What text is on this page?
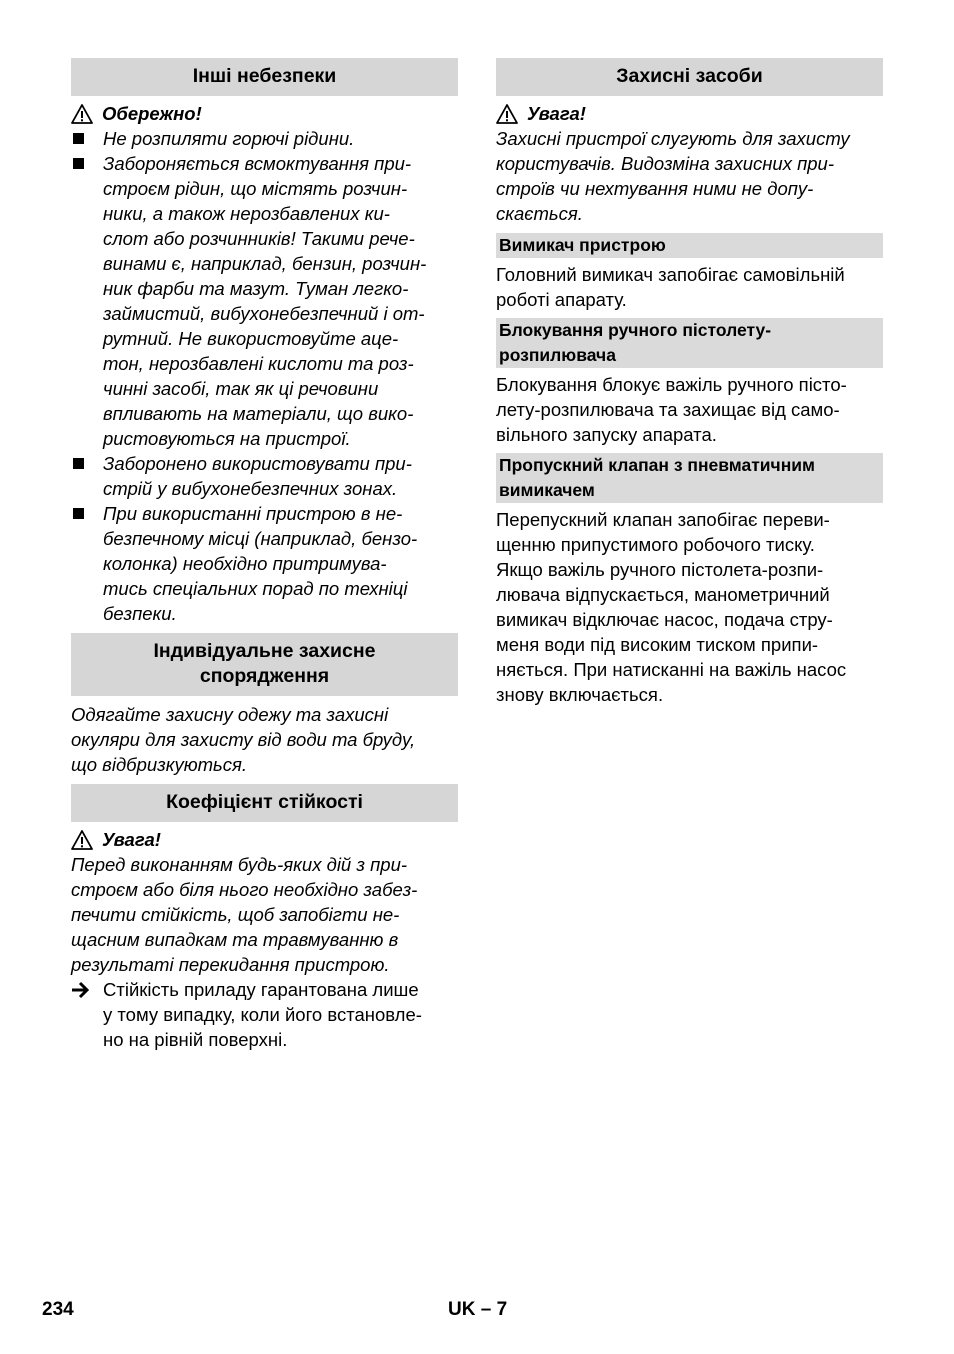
Інші небезпеки
Обережно!
Не розпиляти горючі рідини.
Забороняється всмоктування при-
строєм рідин, що містять розчин-
ники, а також нерозбавлених ки-
слот або розчинників! Такими рече-
винами є, наприклад, бензин, розчин-
ник фарби та мазут. Туман легко-
займистий, вибухонебезпечний і от-
рутний. Не використовуйте аце-
тон, нерозбавлені кислоти та роз-
чинні засобі, так як ці речовини
впливають на матеріали, що вико-
ристовуються на пристрої.
Заборонено використовувати при-
стрій у вибухонебезпечних зонах.
При використанні пристрою в не-
безпечному місці (наприклад, бензо-
колонка) необхідно притримува-
тись спеціальних порад по техніці
безпеки.
Індивідуальне захисне
спорядження
Одягайте захисну одежу та захисні
окуляри для захисту від води та бруду,
що відбризкуються.
Коефіцієнт стійкості
Увага!
Перед виконанням будь-яких дій з при-
строєм або біля нього необхідно забез-
печити стійкість, щоб запобігти не-
щасним випадкам та травмуванню в
результаті перекидання пристрою.
Стійкість приладу гарантована лише
у тому випадку, коли його встановле-
но на рівній поверхні.
Захисні засоби
Увага!
Захисні пристрої слугують для захисту
користувачів. Видозміна захисних при-
строїв чи нехтування ними не допу-
скається.
Вимикач пристрою
Головний вимикач запобігає самовільній
роботі апарату.
Блокування ручного пістолету-
розпилювача
Блокування блокує важіль ручного пісто-
лету-розпилювача та захищає від само-
вільного запуску апарата.
Пропускний клапан з пневматичним
вимикачем
Перепускний клапан запобігає переви-
щенню припустимого робочого тиску.
Якщо важіль ручного пістолета-розпи-
лювача відпускається, манометричний
вимикач відключає насос, подача стру-
меня води під високим тиском припи-
няється. При натисканні на важіль насос
знову включається.
234	UK – 7
